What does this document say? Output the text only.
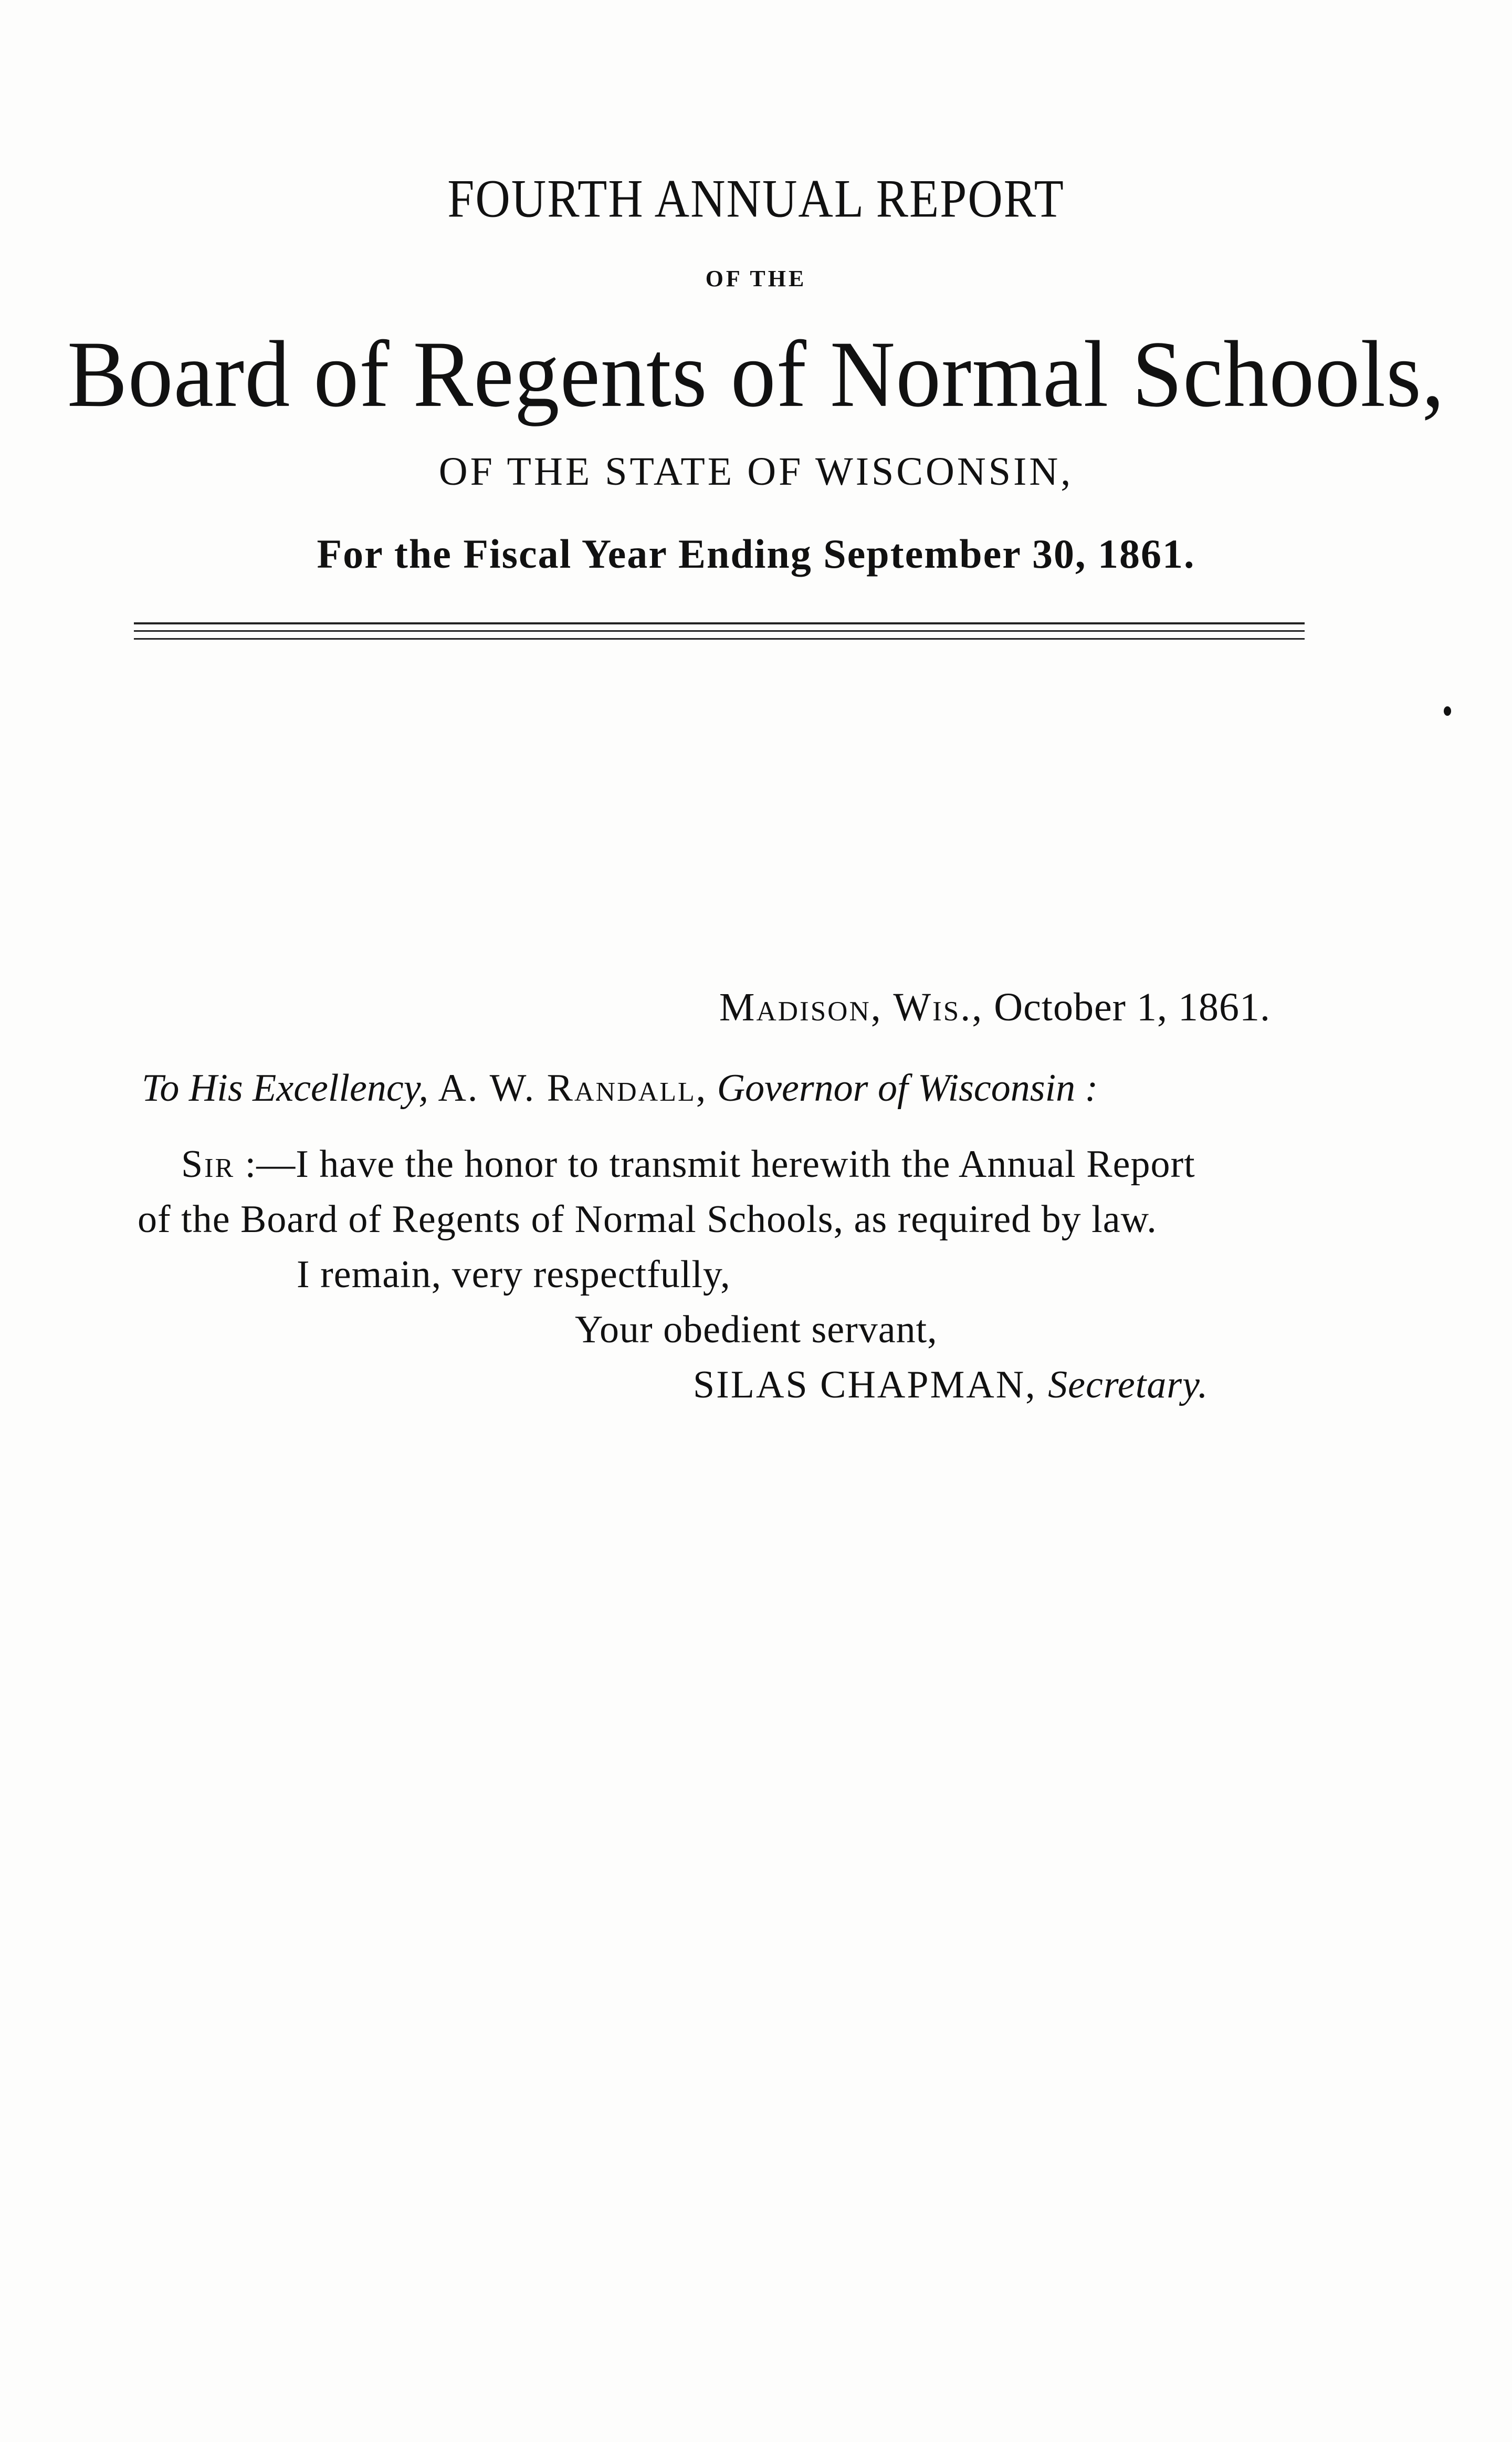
FOURTH ANNUAL REPORT
OF THE
Board of Regents of Normal Schools,
OF THE STATE OF WISCONSIN,
For the Fiscal Year Ending September 30, 1861.
Madison, Wis., October 1, 1861.
To His Excellency, A. W. Randall, Governor of Wisconsin :
Sir :—I have the honor to transmit herewith the Annual Report
of the Board of Regents of Normal Schools, as required by law.
I remain, very respectfully,
Your obedient servant,
SILAS CHAPMAN, Secretary.
